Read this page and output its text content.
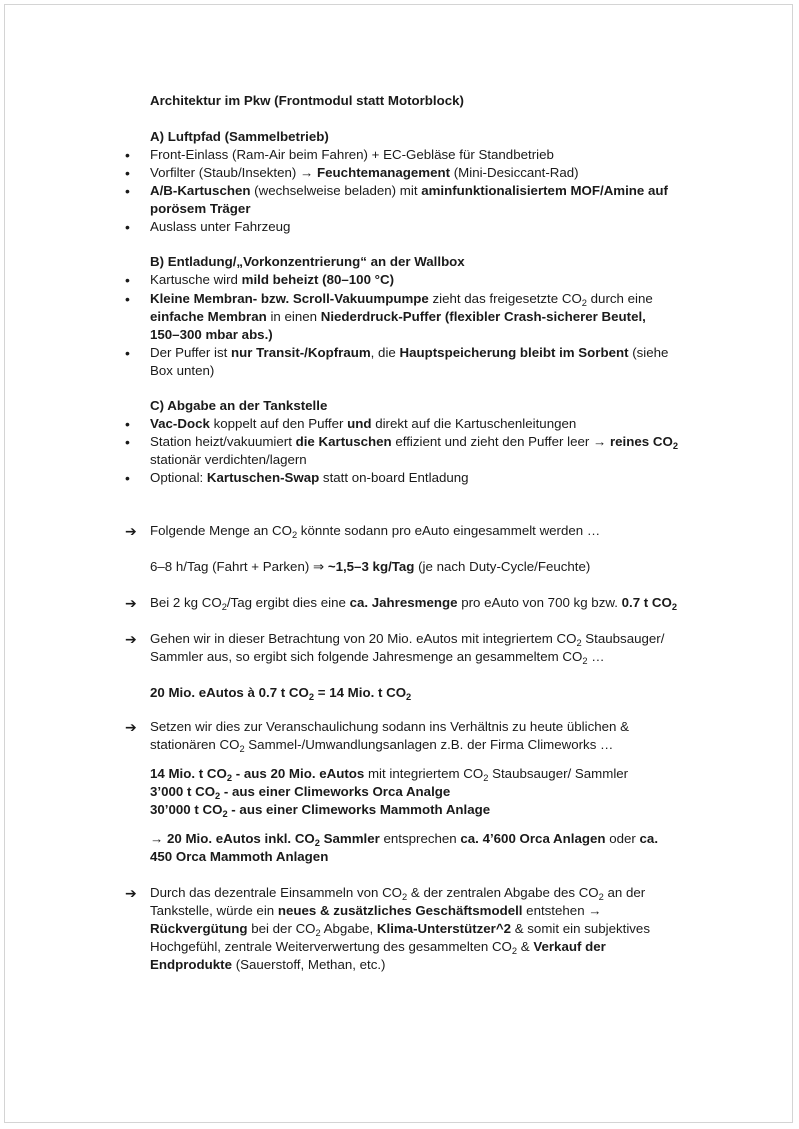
Architektur im Pkw (Frontmodul statt Motorblock)
A) Luftpfad (Sammelbetrieb)
• Front-Einlass (Ram-Air beim Fahren) + EC-Gebläse für Standbetrieb
• Vorfilter (Staub/Insekten) → Feuchtemanagement (Mini-Desiccant-Rad)
• A/B-Kartuschen (wechselweise beladen) mit aminfunktionalisiertem MOF/Amine auf
porösem Träger
• Auslass unter Fahrzeug
B) Entladung/„Vorkonzentrierung“ an der Wallbox
• Kartusche wird mild beheizt (80–100 °C)
• Kleine Membran- bzw. Scroll-Vakuumpumpe zieht das freigesetzte $CO_2$ durch eine
einfache Membran in einen Niederdruck-Puffer (flexibler Crash-sicherer Beutel,
150–300 mbar abs.)
• Der Puffer ist nur Transit-/Kopfraum, die Hauptspeicherung bleibt im Sorbent (siehe
Box unten)
C) Abgabe an der Tankstelle
• Vac-Dock koppelt auf den Puffer und direkt auf die Kartuschenleitungen
• Station heizt/vakuumiert die Kartuschen effizient und zieht den Puffer leer → reines $CO_2$
stationär verdichten/lagern
• Optional: Kartuschen-Swap statt on-board Entladung
➔ Folgende Menge an $CO_2$ könnte sodann pro eAuto eingesammelt werden …
6–8 h/Tag (Fahrt + Parken) ⇒ ~1,5–3 kg/Tag (je nach Duty-Cycle/Feuchte)
➔ Bei 2 kg $CO_2$/Tag ergibt dies eine ca. Jahresmenge pro eAuto von 700 kg bzw. 0.7 t $CO_2$
➔ Gehen wir in dieser Betrachtung von 20 Mio. eAutos mit integriertem $CO_2$ Staubsauger/
Sammler aus, so ergibt sich folgende Jahresmenge an gesammeltem $CO_2$ …
20 Mio. eAutos à 0.7 t $CO_2 = 14$ Mio. t $CO_2$
➔ Setzen wir dies zur Veranschaulichung sodann ins Verhältnis zu heute üblichen &
stationären $CO_2$ Sammel-/Umwandlungsanlagen z.B. der Firma Climeworks …
14 Mio. t $CO_2$ - aus 20 Mio. eAutos mit integriertem $CO_2$ Staubsauger/ Sammler
3’000 t $CO_2$ - aus einer Climeworks Orca Analge
30’000 t $CO_2$ - aus einer Climeworks Mammoth Anlage
→ 20 Mio. eAutos inkl. $CO_2$ Sammler entsprechen ca. 4’600 Orca Anlagen oder ca.
450 Orca Mammoth Anlagen
➔ Durch das dezentrale Einsammeln von $CO_2$ & der zentralen Abgabe des $CO_2$ an der
Tankstelle, würde ein neues & zusätzliches Geschäftsmodell entstehen →
Rückvergütung bei der $CO_2$ Abgabe, Klima-Unterstützer^2 & somit ein subjektives
Hochgefühl, zentrale Weiterverwertung des gesammelten $CO_2$ & Verkauf der
Endprodukte (Sauerstoff, Methan, etc.)
